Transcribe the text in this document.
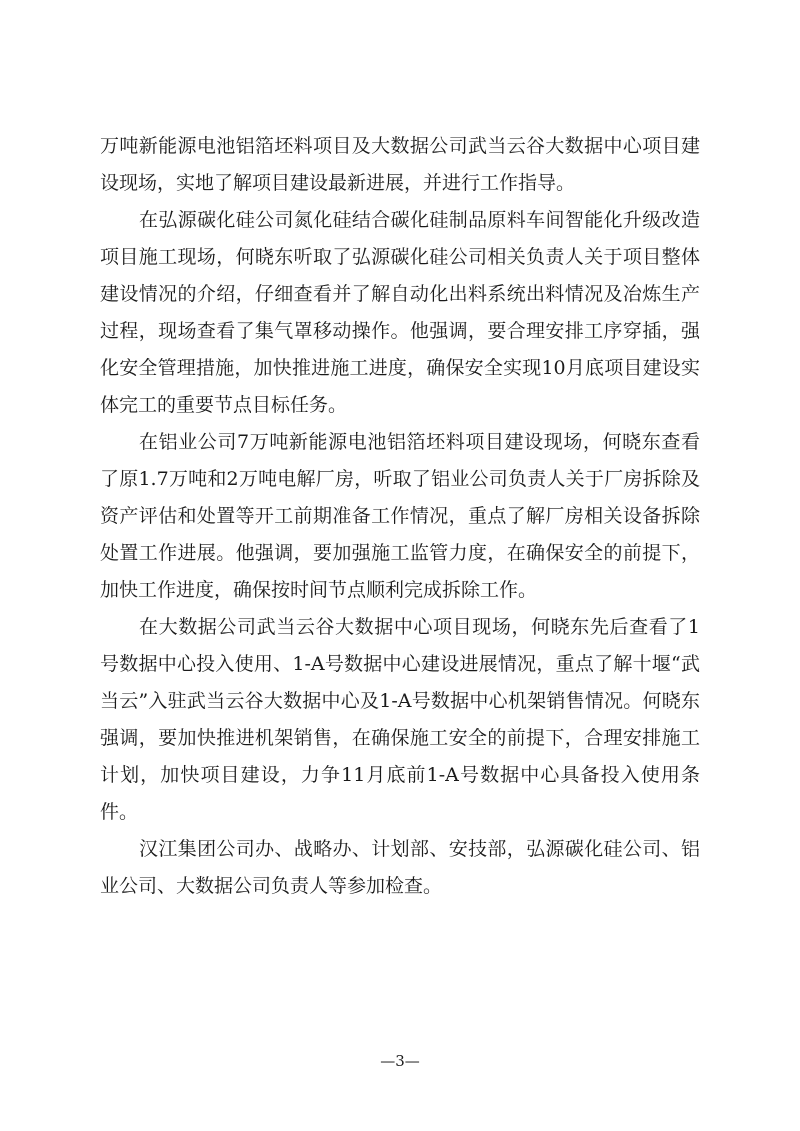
万吨新能源电池铝箔坯料项目及大数据公司武当云谷大数据中心项目建设现场，实地了解项目建设最新进展，并进行工作指导。

在弘源碳化硅公司氮化硅结合碳化硅制品原料车间智能化升级改造项目施工现场，何晓东听取了弘源碳化硅公司相关负责人关于项目整体建设情况的介绍，仔细查看并了解自动化出料系统出料情况及冶炼生产过程，现场查看了集气罩移动操作。他强调，要合理安排工序穿插，强化安全管理措施，加快推进施工进度，确保安全实现10月底项目建设实体完工的重要节点目标任务。

在铝业公司7万吨新能源电池铝箔坯料项目建设现场，何晓东查看了原1.7万吨和2万吨电解厂房，听取了铝业公司负责人关于厂房拆除及资产评估和处置等开工前期准备工作情况，重点了解厂房相关设备拆除处置工作进展。他强调，要加强施工监管力度，在确保安全的前提下，加快工作进度，确保按时间节点顺利完成拆除工作。

在大数据公司武当云谷大数据中心项目现场，何晓东先后查看了1号数据中心投入使用、1-A号数据中心建设进展情况，重点了解十堰“武当云”入驻武当云谷大数据中心及1-A号数据中心机架销售情况。何晓东强调，要加快推进机架销售，在确保施工安全的前提下，合理安排施工计划，加快项目建设，力争11月底前1-A号数据中心具备投入使用条件。

汉江集团公司办、战略办、计划部、安技部，弘源碳化硅公司、铝业公司、大数据公司负责人等参加检查。

—3—
